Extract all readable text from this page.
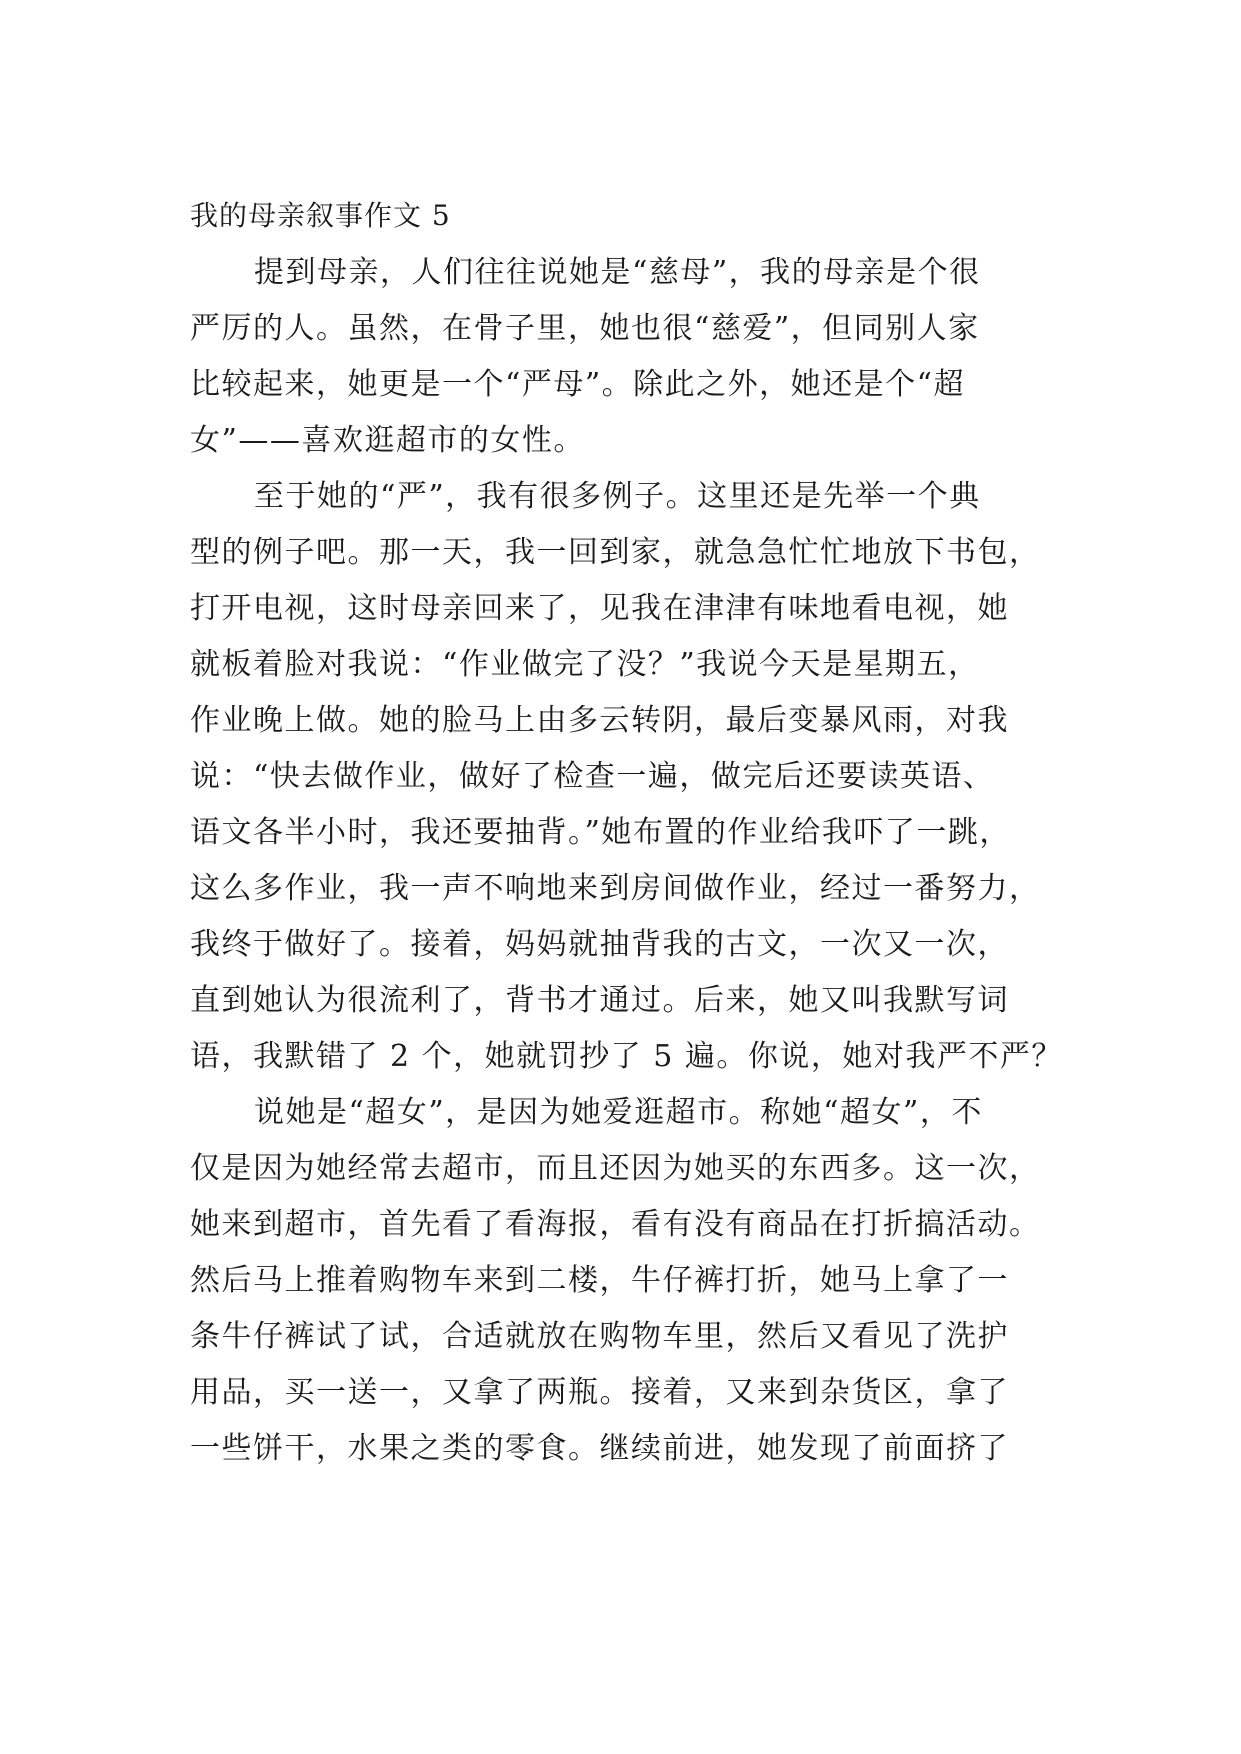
我的母亲叙事作文 5
提到母亲，人们往往说她是“慈母”，我的母亲是个很
严厉的人。虽然，在骨子里，她也很“慈爱”，但同别人家
比较起来，她更是一个“严母”。除此之外，她还是个“超
女”——喜欢逛超市的女性。
至于她的“严”，我有很多例子。这里还是先举一个典
型的例子吧。那一天，我一回到家，就急急忙忙地放下书包，
打开电视，这时母亲回来了，见我在津津有味地看电视，她
就板着脸对我说：“作业做完了没？”我说今天是星期五，
作业晚上做。她的脸马上由多云转阴，最后变暴风雨，对我
说：“快去做作业，做好了检查一遍，做完后还要读英语、
语文各半小时，我还要抽背。”她布置的作业给我吓了一跳，
这么多作业，我一声不响地来到房间做作业，经过一番努力，
我终于做好了。接着，妈妈就抽背我的古文，一次又一次，
直到她认为很流利了，背书才通过。后来，她又叫我默写词
语，我默错了 2 个，她就罚抄了 5 遍。你说，她对我严不严？
说她是“超女”，是因为她爱逛超市。称她“超女”，不
仅是因为她经常去超市，而且还因为她买的东西多。这一次，
她来到超市，首先看了看海报，看有没有商品在打折搞活动。
然后马上推着购物车来到二楼，牛仔裤打折，她马上拿了一
条牛仔裤试了试，合适就放在购物车里，然后又看见了洗护
用品，买一送一，又拿了两瓶。接着，又来到杂货区，拿了
一些饼干，水果之类的零食。继续前进，她发现了前面挤了
